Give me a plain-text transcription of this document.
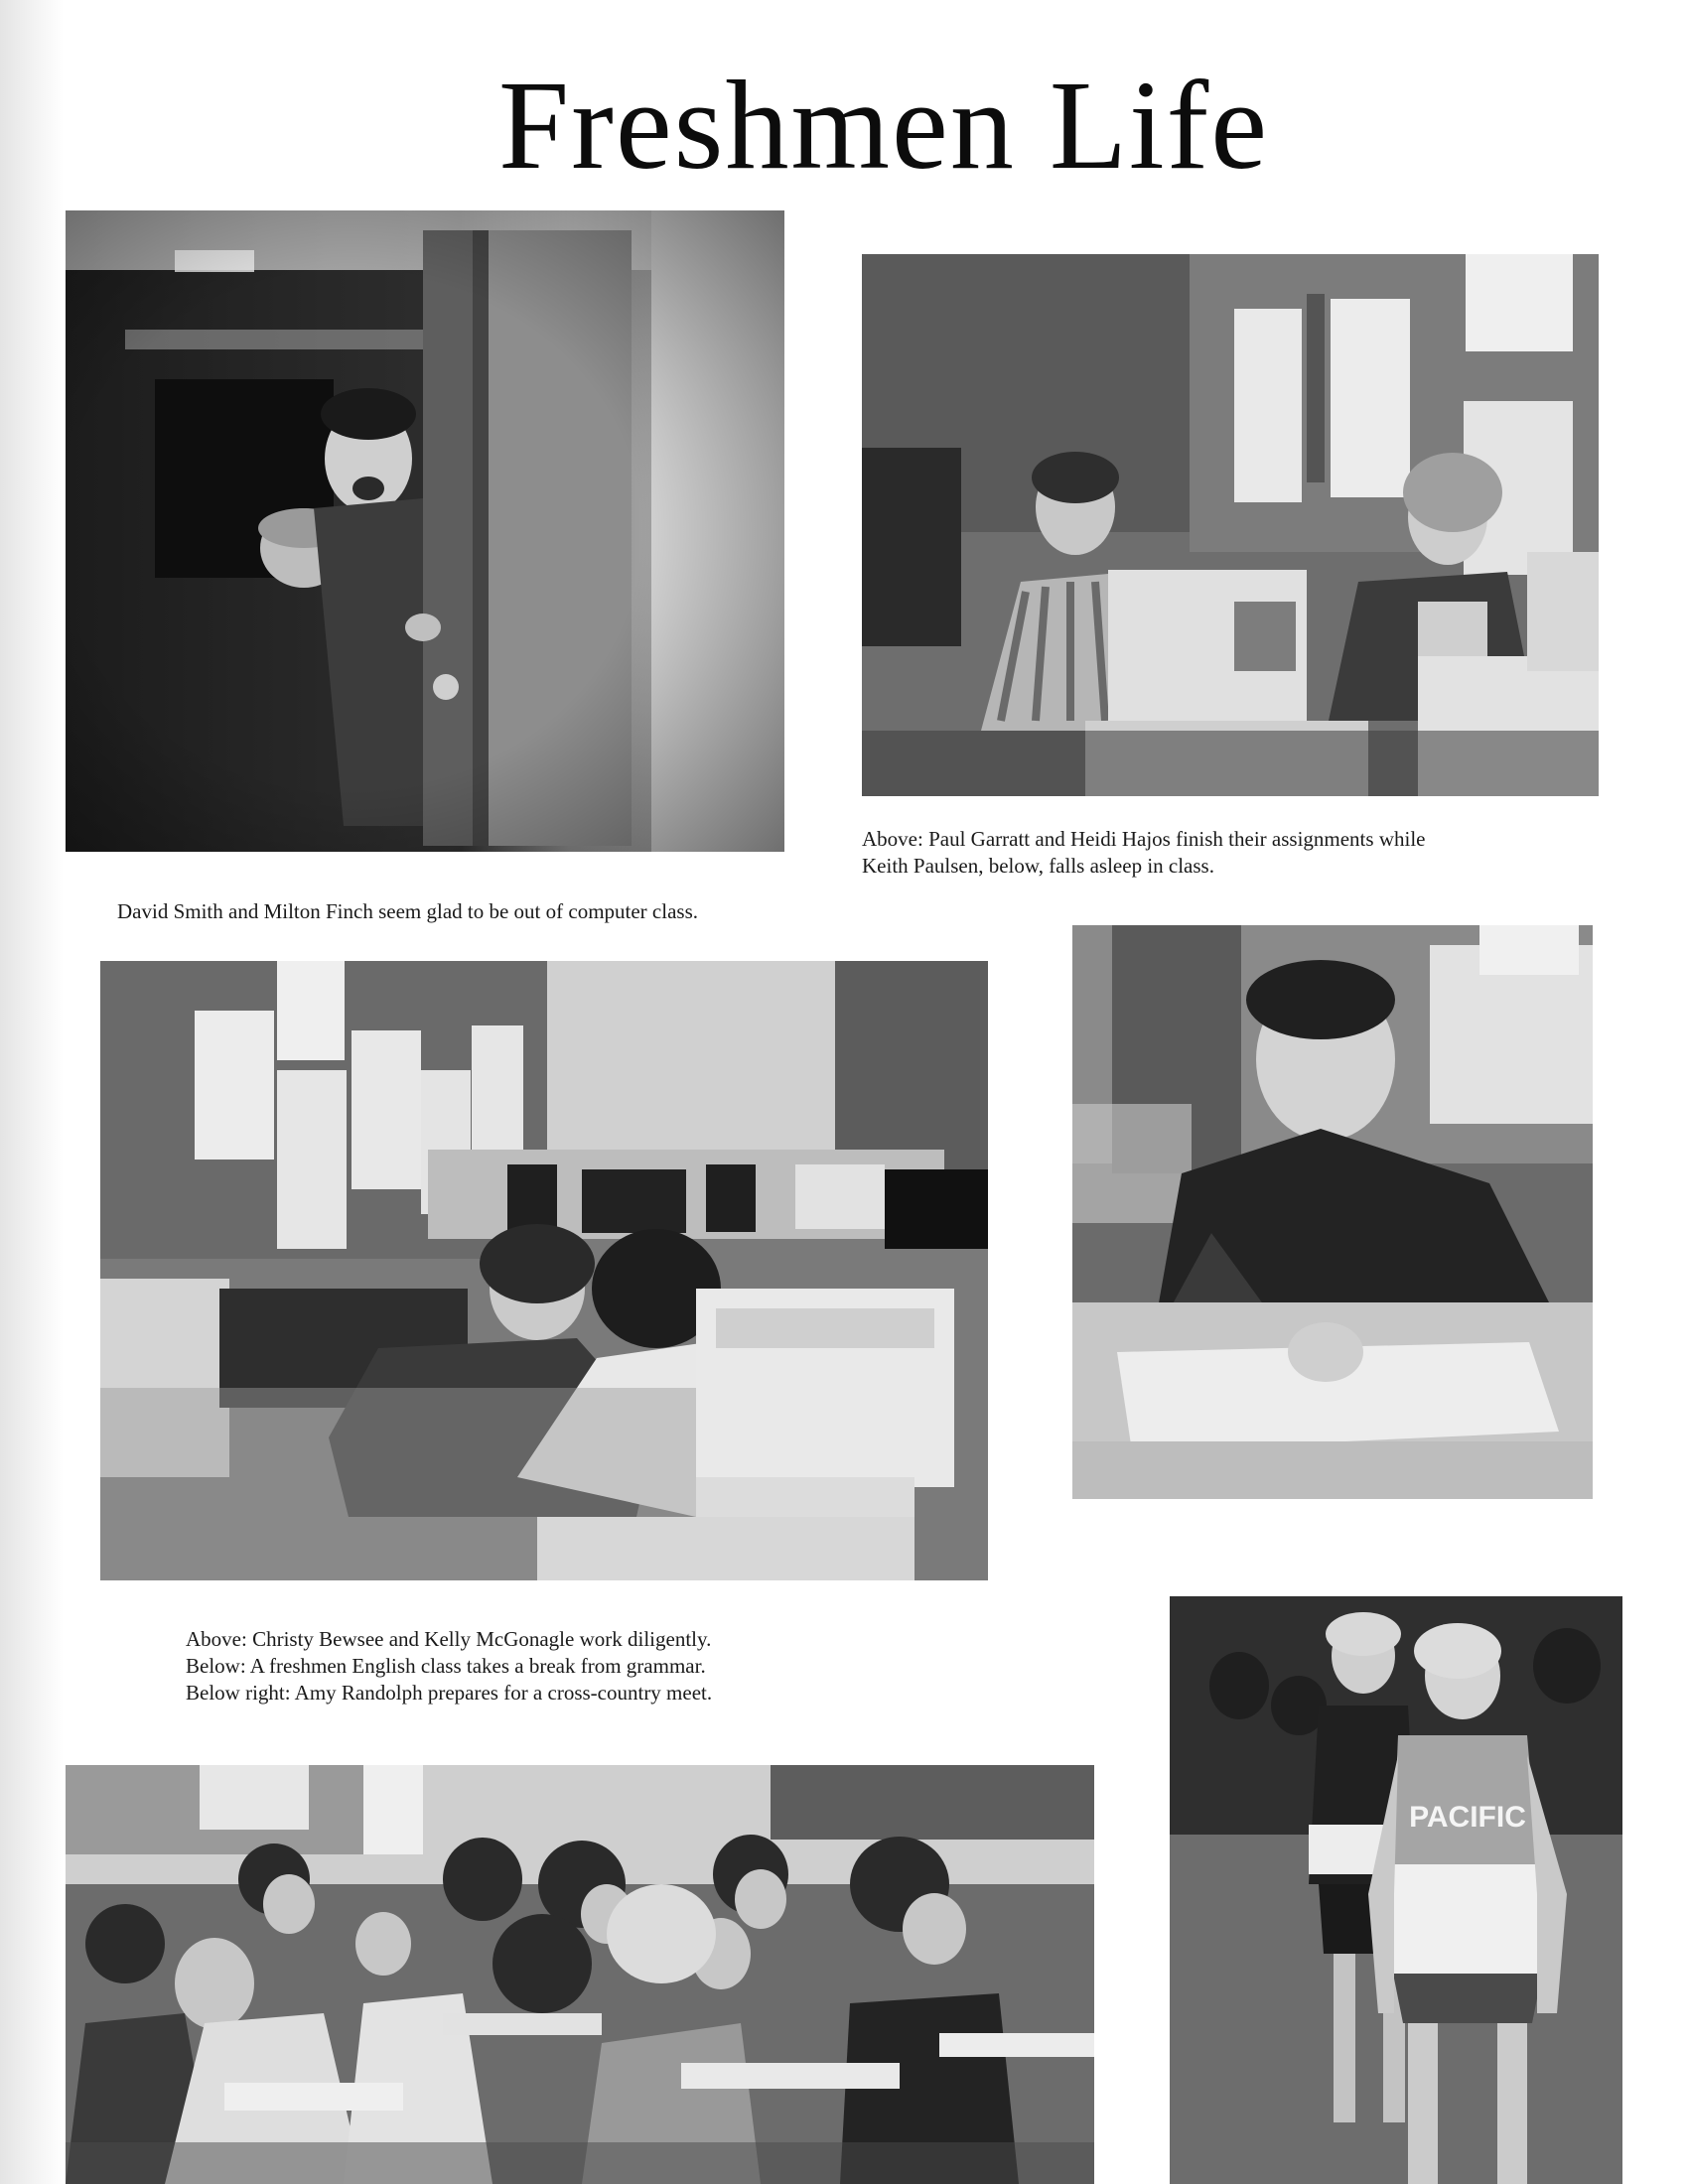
Freshmen Life
Above: Paul Garratt and Heidi Hajos finish their assignments while
Keith Paulsen, below, falls asleep in class.
David Smith and Milton Finch seem glad to be out of computer class.
Above: Christy Bewsee and Kelly McGonagle work diligently.
Below: A freshmen English class takes a break from grammar.
Below right: Amy Randolph prepares for a cross-country meet.
PACIFIC
